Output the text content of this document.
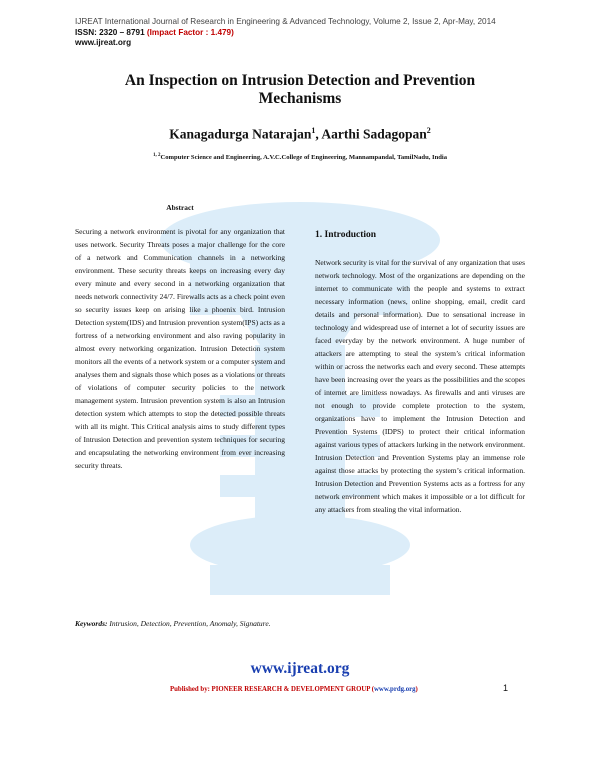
IJREAT International Journal of Research in Engineering & Advanced Technology, Volume 2, Issue 2, Apr-May, 2014
ISSN: 2320 – 8791 (Impact Factor : 1.479)
www.ijreat.org
An Inspection on Intrusion Detection and Prevention
Mechanisms
Kanagadurga Natarajan$^1$, Aarthi Sadagopan$^2$
$^{1, 2}$Computer Science and Engineering, A.V.C.College of Engineering, Mannampandal, TamilNadu, India
Abstract
Securing a network environment is pivotal for any organization that uses network. Security Threats poses a major challenge for the core of a network and Communication channels in a networking environment. These security threats keeps on increasing every day every minute and every second in a networking organization that needs network connectivity 24/7. Firewalls acts as a check point even so security issues keep on arising like a phoenix bird. Intrusion Detection system(IDS) and Intrusion prevention system(IPS) acts as a fortress of a networking environment and also raving popularity in almost every networking organization. Intrusion Detection system monitors all the events of a network system or a computer system and analyses them and signals those which poses as a violations or threats of violations of computer security policies to the network management system. Intrusion prevention system is also an Intrusion detection system which attempts to stop the detected possible threats with all its might. This Critical analysis aims to study different types of Intrusion Detection and prevention system techniques for securing and encapsulating the networking environment from ever increasing security threats.
Keywords: Intrusion, Detection, Prevention, Anomaly, Signature.
1. Introduction
Network security is vital for the survival of any organization that uses network technology. Most of the organizations are depending on the internet to communicate with the people and systems to extract necessary information (news, online shopping, email, credit card details and personal information). Due to sensational increase in technology and widespread use of internet a lot of security issues are faced everyday by the network environment. A huge number of attackers are attempting to steal the system’s critical information within or across the networks each and every second. These attempts have been increasing over the years as the possibilities and the scopes of internet are limitless nowadays. As firewalls and anti viruses are not enough to provide complete protection to the system, organizations have to implement the Intrusion Detection and Prevention Systems (IDPS) to protect their critical information against various types of attackers lurking in the network environment. Intrusion Detection and Prevention Systems play an immense role against those attacks by protecting the system’s critical information. Intrusion Detection and Prevention Systems acts as a fortress for any network environment which makes it impossible or a lot difficult for any attackers from stealing the vital information.
www.ijreat.org
Published by: PIONEER RESEARCH & DEVELOPMENT GROUP (www.prdg.org)	1
